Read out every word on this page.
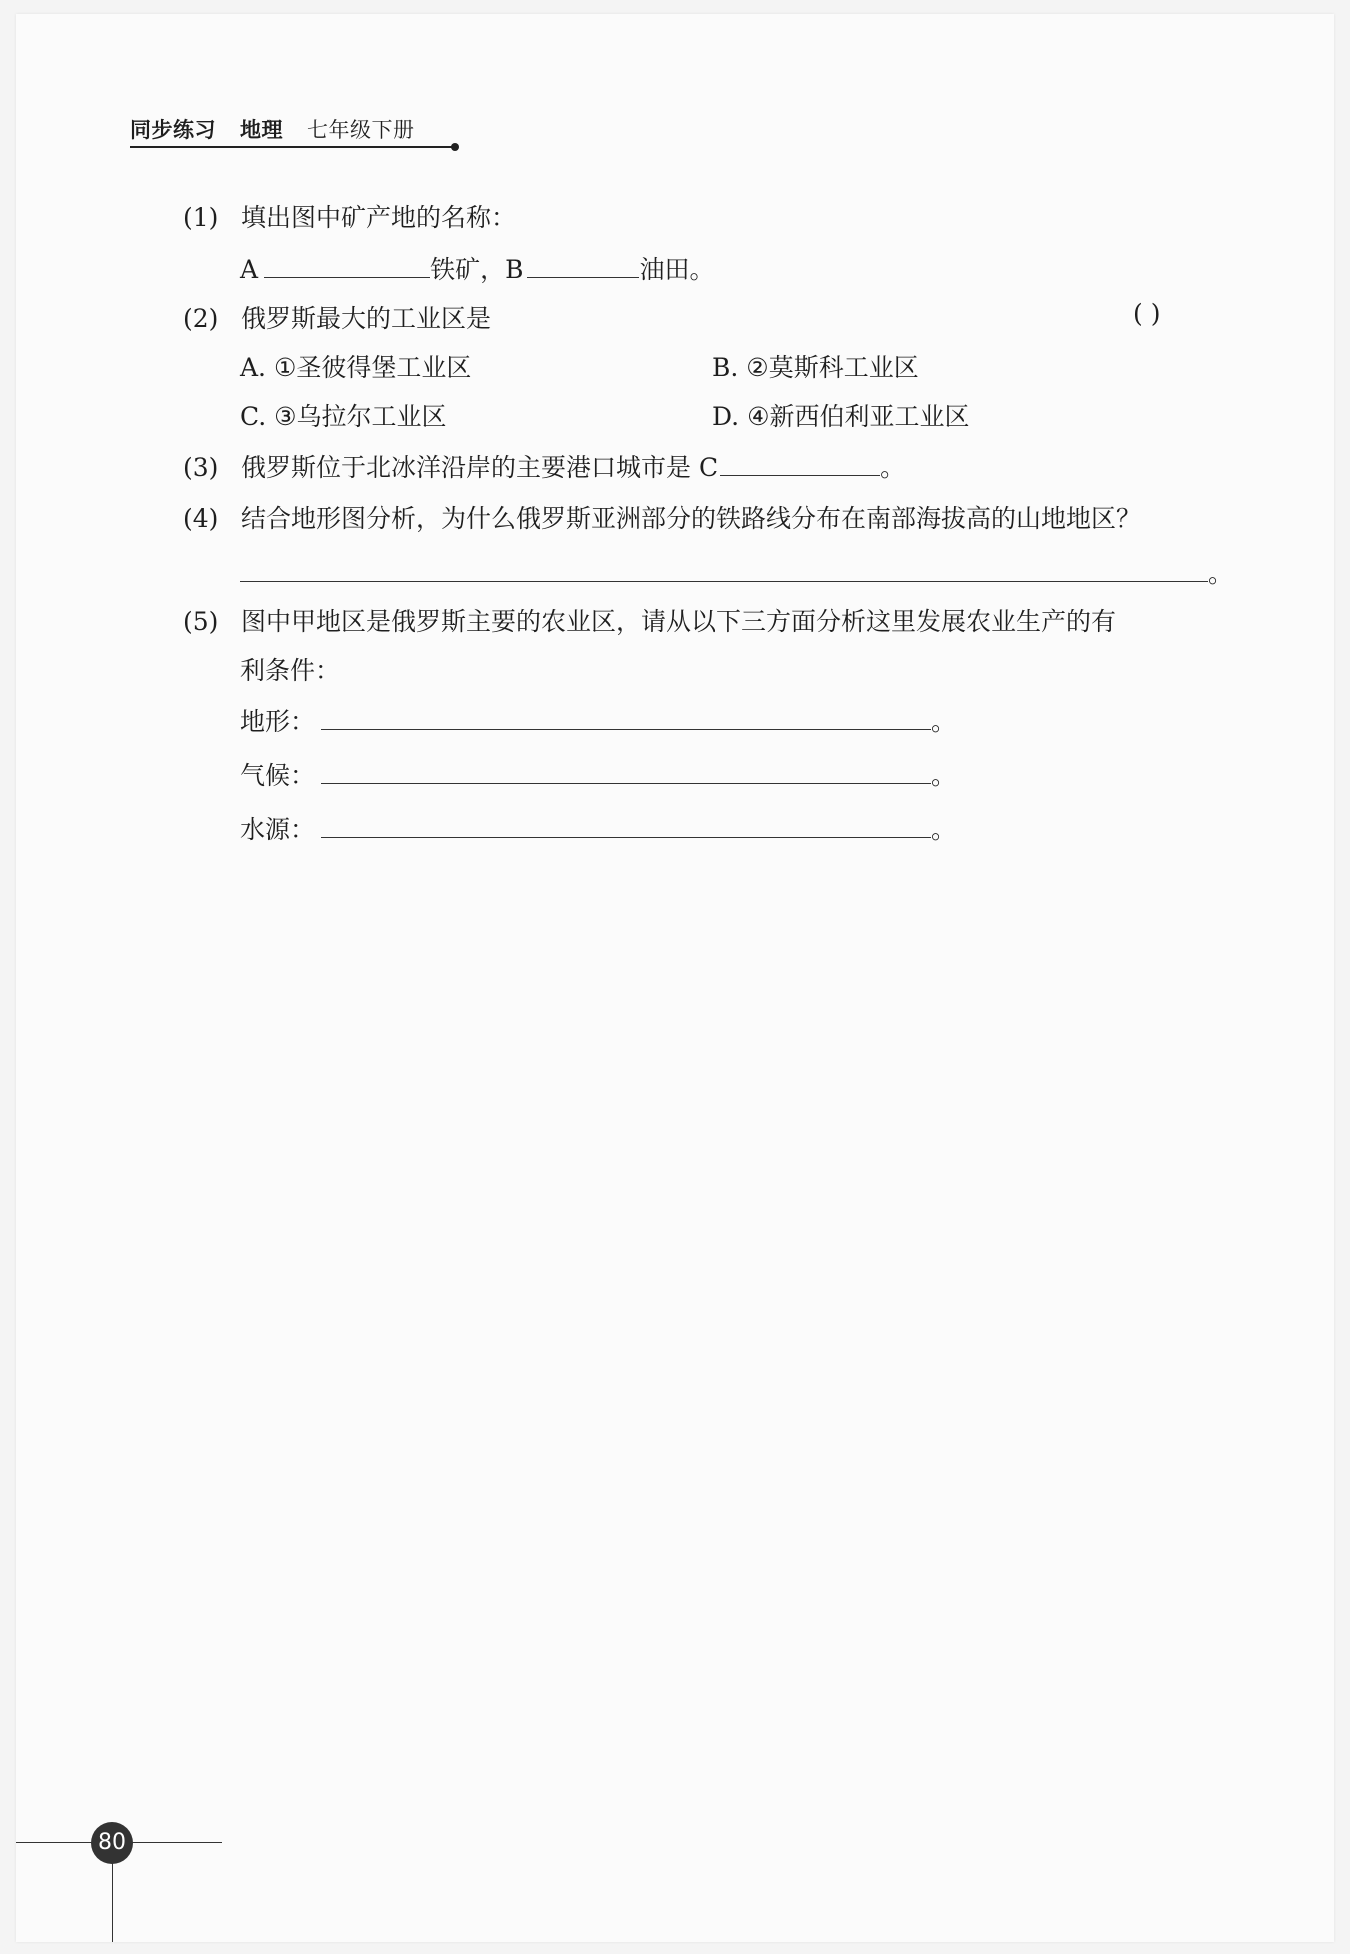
同步练习 地理 七年级下册
(1) 填出图中矿产地的名称：
A	铁矿，B	油田。
(2) 俄罗斯最大的工业区是	( )
A. ①圣彼得堡工业区	B. ②莫斯科工业区
C. ③乌拉尔工业区	D. ④新西伯利亚工业区
(3) 俄罗斯位于北冰洋沿岸的主要港口城市是 C	。
(4) 结合地形图分析，为什么俄罗斯亚洲部分的铁路线分布在南部海拔高的山地地区？
。
(5) 图中甲地区是俄罗斯主要的农业区，请从以下三方面分析这里发展农业生产的有
利条件：
地形：	。
气候：	。
水源：	。
80
